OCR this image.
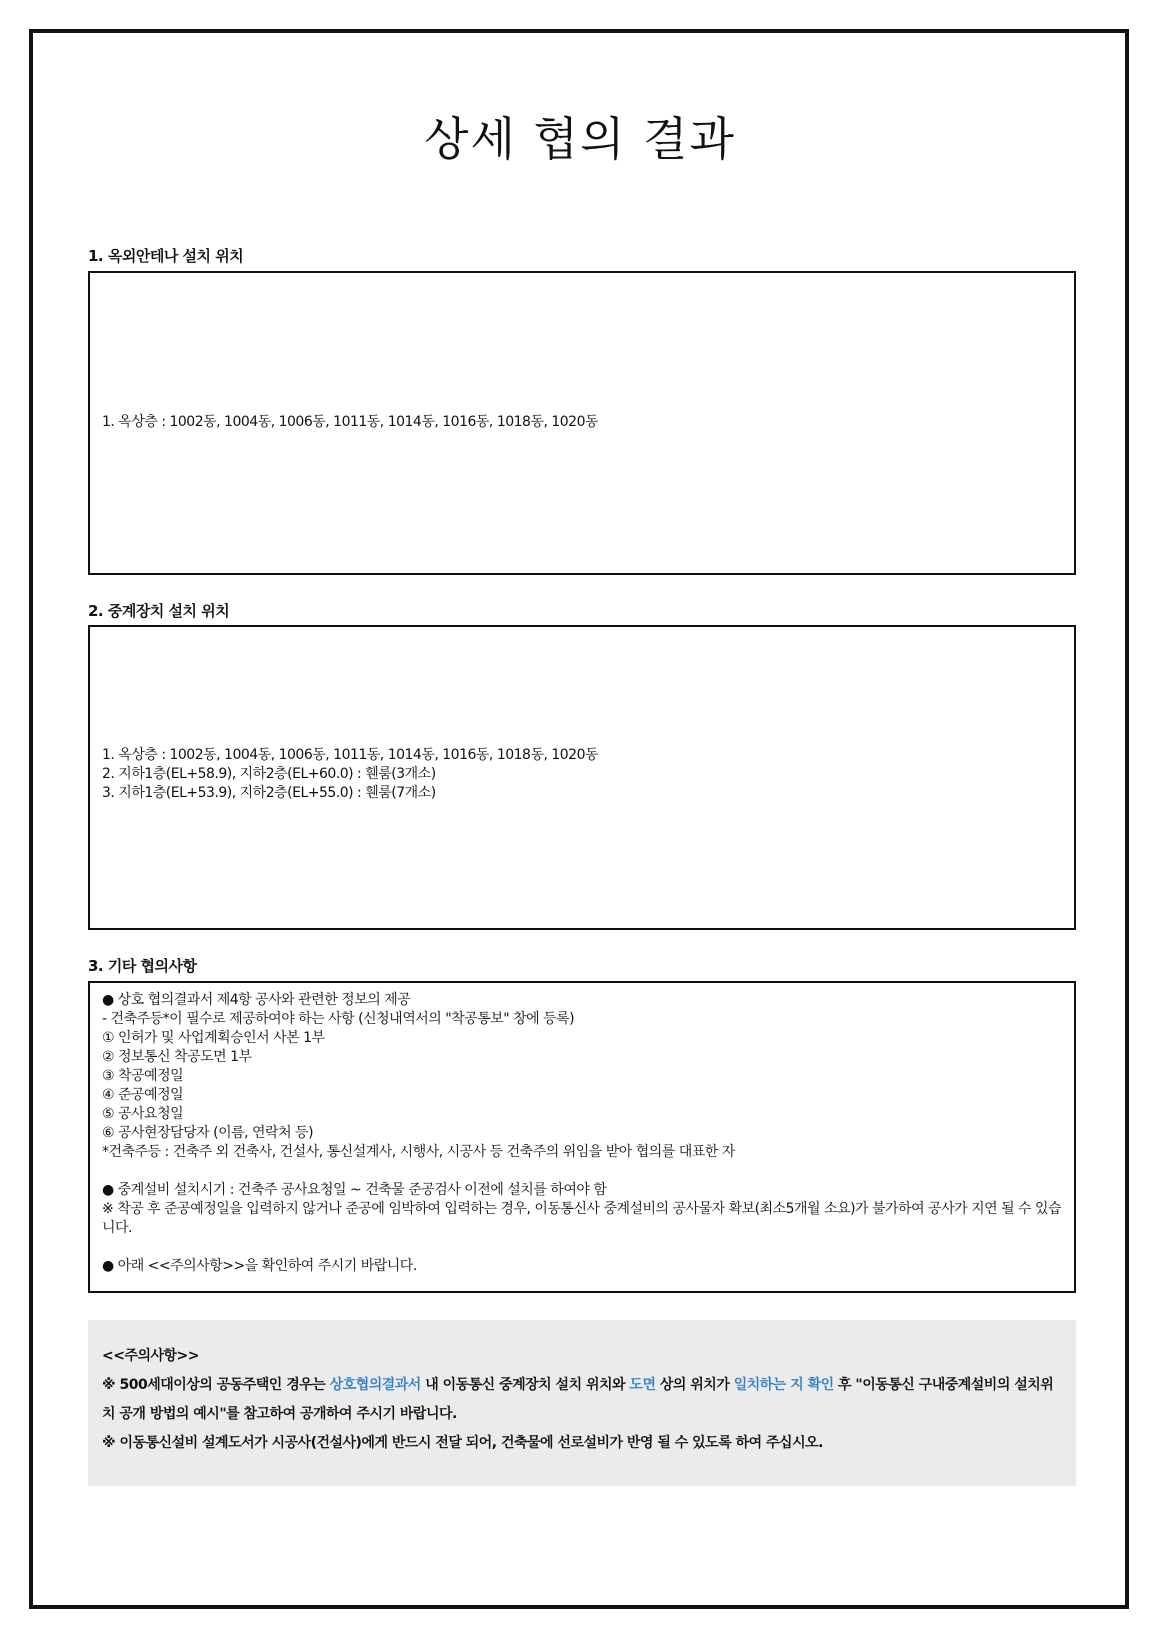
상세 협의 결과
1. 옥외안테나 설치 위치
1. 옥상층 : 1002동, 1004동, 1006동, 1011동, 1014동, 1016동, 1018동, 1020동
2. 중계장치 설치 위치
1. 옥상층 : 1002동, 1004동, 1006동, 1011동, 1014동, 1016동, 1018동, 1020동
2. 지하1층(EL+58.9), 지하2층(EL+60.0) : 휀룸(3개소)
3. 지하1층(EL+53.9), 지하2층(EL+55.0) : 휀룸(7개소)
3. 기타 협의사항
● 상호 협의결과서 제4항 공사와 관련한 정보의 제공
- 건축주등*이 필수로 제공하여야 하는 사항 (신청내역서의 "착공통보" 창에 등록)
① 인허가 및 사업계획승인서 사본 1부
② 정보통신 착공도면 1부
③ 착공예정일
④ 준공예정일
⑤ 공사요청일
⑥ 공사현장담당자 (이름, 연락처 등)
*건축주등 : 건축주 외 건축사, 건설사, 통신설계사, 시행사, 시공사 등 건축주의 위임을 받아 협의를 대표한 자
● 중계설비 설치시기 : 건축주 공사요청일 ~ 건축물 준공검사 이전에 설치를 하여야 함
※ 착공 후 준공예정일을 입력하지 않거나 준공에 임박하여 입력하는 경우, 이동통신사 중계설비의 공사물자 확보(최소5개월 소요)가 불가하여 공사가 지연 될 수 있습니다.
● 아래 <<주의사항>>을 확인하여 주시기 바랍니다.
<<주의사항>>
※ 500세대이상의 공동주택인 경우는 상호협의결과서 내 이동통신 중계장치 설치 위치와 도면 상의 위치가 일치하는 지 확인 후 "이동통신 구내중계설비의 설치위치 공개 방법의 예시"를 참고하여 공개하여 주시기 바랍니다.
※ 이동통신설비 설계도서가 시공사(건설사)에게 반드시 전달 되어, 건축물에 선로설비가 반영 될 수 있도록 하여 주십시오.
